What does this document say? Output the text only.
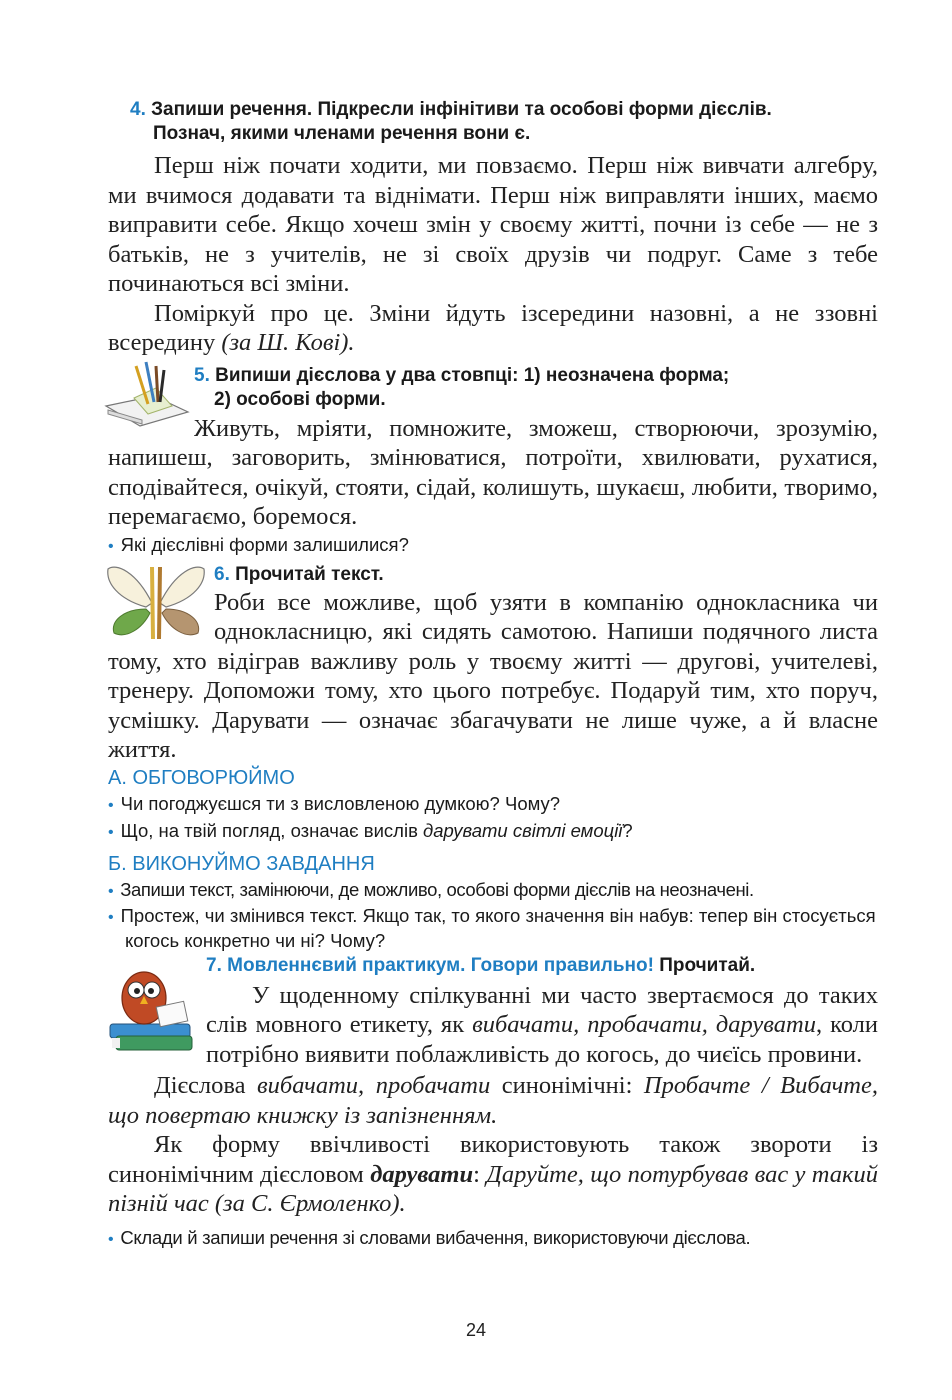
4. Запиши речення. Підкресли інфінітиви та особові форми дієслів.
Познач, якими членами речення вони є.
Перш ніж почати ходити, ми повзаємо. Перш ніж вивчати алгебру, ми вчимося додавати та віднімати. Перш ніж виправляти інших, маємо виправити себе. Якщо хочеш змін у своєму житті, почни із себе — не з батьків, не з учителів, не зі своїх друзів чи подруг. Саме з тебе починаються всі зміни.
Поміркуй про це. Зміни йдуть ізсередини назовні, а не ззовні всередину (за Ш. Кові).
5. Випиши дієслова у два стовпці: 1) неозначена форма;
2) особові форми.
Живуть, мріяти, помножите, зможеш, створюючи, зрозумію, напишеш, заговорить, змінюватися, потроїти, хвилювати, рухатися, сподівайтеся, очікуй, стояти, сідай, колишуть, шукаєш, любити, творимо, перемагаємо, боремося.
• Які дієслівні форми залишилися?
6. Прочитай текст.
Роби все можливе, щоб узяти в компанію однокласника чи однокласницю, які сидять самотою. Напиши подячного листа тому, хто відіграв важливу роль у твоєму житті — другові, учителеві, тренеру. Допоможи тому, хто цього потребує. Подаруй тим, хто поруч, усмішку. Дарувати — означає збагачувати не лише чуже, а й власне життя.
А. ОБГОВОРЮЙМО
• Чи погоджуєшся ти з висловленою думкою? Чому?
• Що, на твій погляд, означає вислів дарувати світлі емоції?
Б. ВИКОНУЙМО ЗАВДАННЯ
• Запиши текст, замінюючи, де можливо, особові форми дієслів на неозначені.
• Простеж, чи змінився текст. Якщо так, то якого значення він набув: тепер він стосується когось конкретно чи ні? Чому?
7. Мовленнєвий практикум. Говори правильно! Прочитай.
У щоденному спілкуванні ми часто звертаємося до таких слів мовного етикету, як вибачати, пробачати, дарувати, коли потрібно виявити поблажливість до когось, до чиєїсь провини.
Дієслова вибачати, пробачати синонімічні: Пробачте / Вибачте, що повертаю книжку із запізненням.
Як форму ввічливості використовують також звороти із синонімічним дієсловом дарувати: Даруйте, що потурбував вас у такий пізній час (за С. Єрмоленко).
• Склади й запиши речення зі словами вибачення, використовуючи дієслова.
24
